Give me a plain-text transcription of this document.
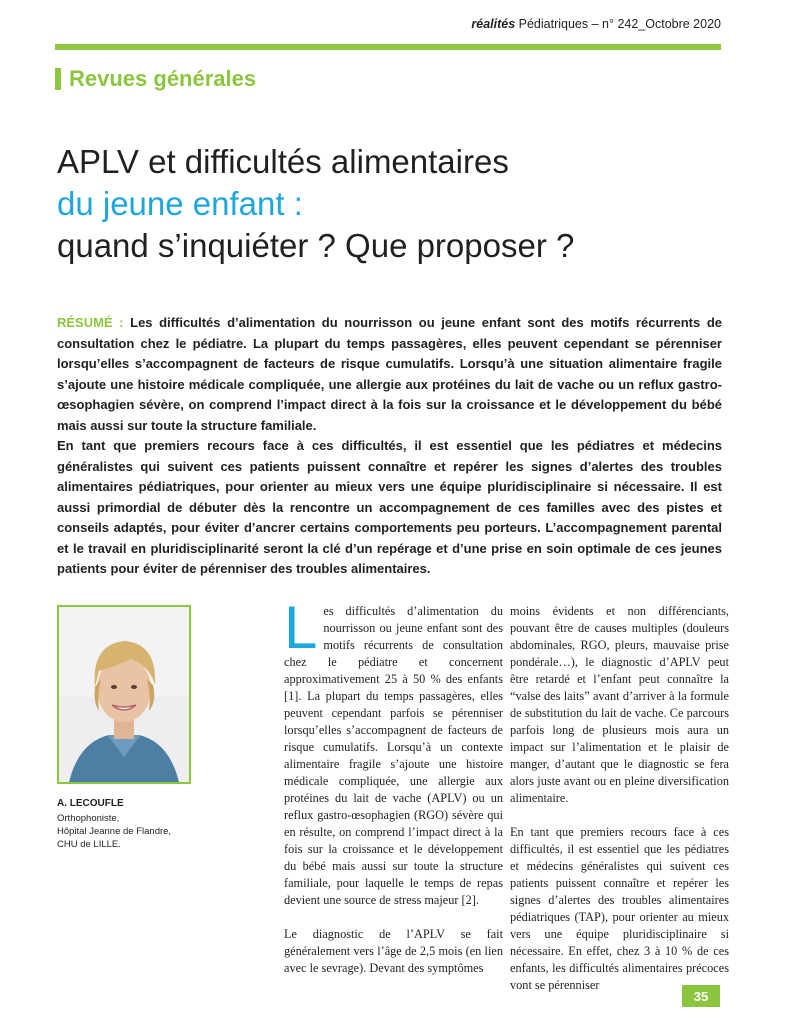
réalités Pédiatriques – n° 242_Octobre 2020
Revues générales
APLV et difficultés alimentaires
du jeune enfant :
quand s’inquiéter ? Que proposer ?

RÉSUMÉ : Les difficultés d’alimentation du nourrisson ou jeune enfant sont des motifs récurrents de consultation chez le pédiatre. La plupart du temps passagères, elles peuvent cependant se pérenniser lorsqu’elles s’accompagnent de facteurs de risque cumulatifs. Lorsqu’à une situation alimentaire fragile s’ajoute une histoire médicale compliquée, une allergie aux protéines du lait de vache ou un reflux gastro-œsophagien sévère, on comprend l’impact direct à la fois sur la croissance et le développement du bébé mais aussi sur toute la structure familiale.

En tant que premiers recours face à ces difficultés, il est essentiel que les pédiatres et médecins généralistes qui suivent ces patients puissent connaître et repérer les signes d’alertes des troubles alimentaires pédiatriques, pour orienter au mieux vers une équipe pluridisciplinaire si nécessaire. Il est aussi primordial de débuter dès la rencontre un accompagnement de ces familles avec des pistes et conseils adaptés, pour éviter d’ancrer certains comportements peu porteurs. L’accompagnement parental et le travail en pluridisciplinarité seront la clé d’un repérage et d’une prise en soin optimale de ces jeunes patients pour éviter de pérenniser des troubles alimentaires.

A. LECOUFLE
Orthophoniste,
Hôpital Jeanne de Flandre,
CHU de LILLE.

Les difficultés d’alimentation du nourrisson ou jeune enfant sont des motifs récurrents de consultation chez le pédiatre et concernent approximativement 25 à 50 % des enfants [1]. La plupart du temps passagères, elles peuvent cependant parfois se pérenniser lorsqu’elles s’accompagnent de facteurs de risque cumulatifs. Lorsqu’à un contexte alimentaire fragile s’ajoute une histoire médicale compliquée, une allergie aux protéines du lait de vache (APLV) ou un reflux gastro-œsophagien (RGO) sévère qui en résulte, on comprend l’impact direct à la fois sur la croissance et le développement du bébé mais aussi sur toute la structure familiale, pour laquelle le temps de repas devient une source de stress majeur [2].

Le diagnostic de l’APLV se fait généralement vers l’âge de 2,5 mois (en lien avec le sevrage). Devant des symptômes

moins évidents et non différenciants, pouvant être de causes multiples (douleurs abdominales, RGO, pleurs, mauvaise prise pondérale…), le diagnostic d’APLV peut être retardé et l’enfant peut connaître la “valse des laits” avant d’arriver à la formule de substitution du lait de vache. Ce parcours parfois long de plusieurs mois aura un impact sur l’alimentation et le plaisir de manger, d’autant que le diagnostic se fera alors juste avant ou en pleine diversification alimentaire.

En tant que premiers recours face à ces difficultés, il est essentiel que les pédiatres et médecins généralistes qui suivent ces patients puissent connaître et repérer les signes d’alertes des troubles alimentaires pédiatriques (TAP), pour orienter au mieux vers une équipe pluridisciplinaire si nécessaire. En effet, chez 3 à 10 % de ces enfants, les difficultés alimentaires précoces vont se pérenniser

35
